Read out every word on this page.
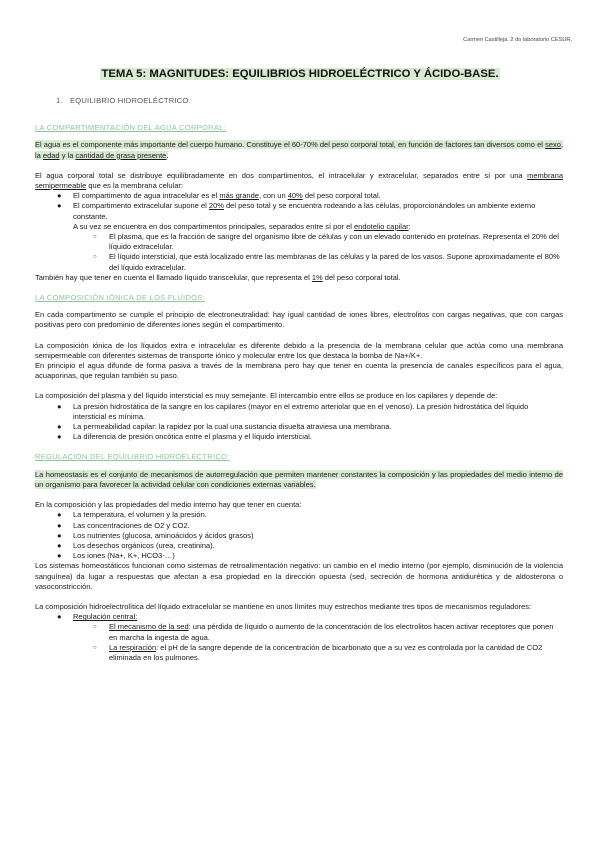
Carmen Castilleja. 2 do laboratorio CESUR.
TEMA 5: MAGNITUDES: EQUILIBRIOS HIDROELÉCTRICO Y ÁCIDO-BASE.
1. EQUILIBRIO HIDROELÉCTRICO.
LA COMPARTIMENTACIÓN DEL AGUA CORPORAL:

El agua es el componente más importante del cuerpo humano. Constituye el 60-70% del peso corporal total, en función de factores tan diversos como el sexo, la edad y la cantidad de grasa presente.

El agua corporal total se distribuye equilibradamente en dos compartimentos, el intracelular y extracelular, separados entre sí por una membrana semipermeable que es la membrana celular:

● El compartimento de agua intracelular es el más grande, con un 40% del peso corporal total.
● El compartimento extracelular supone el 20% del peso total y se encuentra rodeando a las células, proporcionándoles un ambiente externo constante.
A su vez se encuentra en dos compartimentos principales, separados entre sí por el endotelio capilar:
○ El plasma, que es la fracción de sangre del organismo libre de células y con un elevado contenido en proteínas. Representa el 20% del líquido extracelular.
○ El líquido intersticial, que está localizado entre las membranas de las células y la pared de los vasos. Supone aproximadamente el 80% del líquido extracelular.

También hay que tener en cuenta el llamado líquido transcelular, que representa el 1% del peso corporal total.

LA COMPOSICIÓN IÓNICA DE LOS FLUIDOS:

En cada compartimento se cumple el principio de electroneutralidad: hay igual cantidad de iones libres, electrolitos con cargas negativas, que con cargas positivas pero con predominio de diferentes iones según el compartimento.

La composición iónica de los líquidos extra e intracelular es diferente debido a la presencia de la membrana celular que actúa como una membrana semipermeable con diferentes sistemas de transporte iónico y molecular entre los que destaca la bomba de Na+/K+.

En principio el agua difunde de forma pasiva a través de la membrana pero hay que tener en cuenta la presencia de canales específicos para el agua, acuaporinas, que regulan también su paso.

La composición del plasma y del líquido intersticial es muy semejante. El intercambio entre ellos se produce en los capilares y depende de:

● La presión hidrostática de la sangre en los capilares (mayor en el extremo arteriolar que en el venoso). La presión hidrostática del líquido intersticial es mínima.
● La permeabilidad capilar: la rapidez por la cual una sustancia disuelta atraviesa una membrana.
● La diferencia de presión oncótica entre el plasma y el líquido intersticial.
REGULACIÓN DEL EQUILIBRIO HIDROELÉCTRICO:

La homeostasis es el conjunto de mecanismos de autorregulación que permiten mantener constantes la composición y las propiedades del medio interno de un organismo para favorecer la actividad celular con condiciones externas variables.

En la composición y las propiedades del medio interno hay que tener en cuenta:

● La temperatura, el volumen y la presión.
● Las concentraciones de O2 y CO2.
● Los nutrientes (glucosa, aminoácidos y ácidos grasos)
● Los desechos orgánicos (urea, creatinina).
● Los iones (Na+, K+, HCO3-…)

Los sistemas homeostáticos funcionan como sistemas de retroalimentación negativo: un cambio en el medio interno (por ejemplo, disminución de la violencia sanguínea) da lugar a respuestas que afectan a esa propiedad en la dirección opuesta (sed, secreción de hormona antidiurética y de aldosterona o vasoconstricción.

La composición hidroelectrolítica del líquido extracelular se mantiene en unos límites muy estrechos mediante tres tipos de mecanismos reguladores:

● Regulación central:
○ El mecanismo de la sed: una pérdida de líquido o aumento de la concentración de los electrolitos hacen activar receptores que ponen en marcha la ingesta de agua.
○ La respiración: el pH de la sangre depende de la concentración de bicarbonato que a su vez es controlada por la cantidad de CO2 eliminada en los pulmones.
